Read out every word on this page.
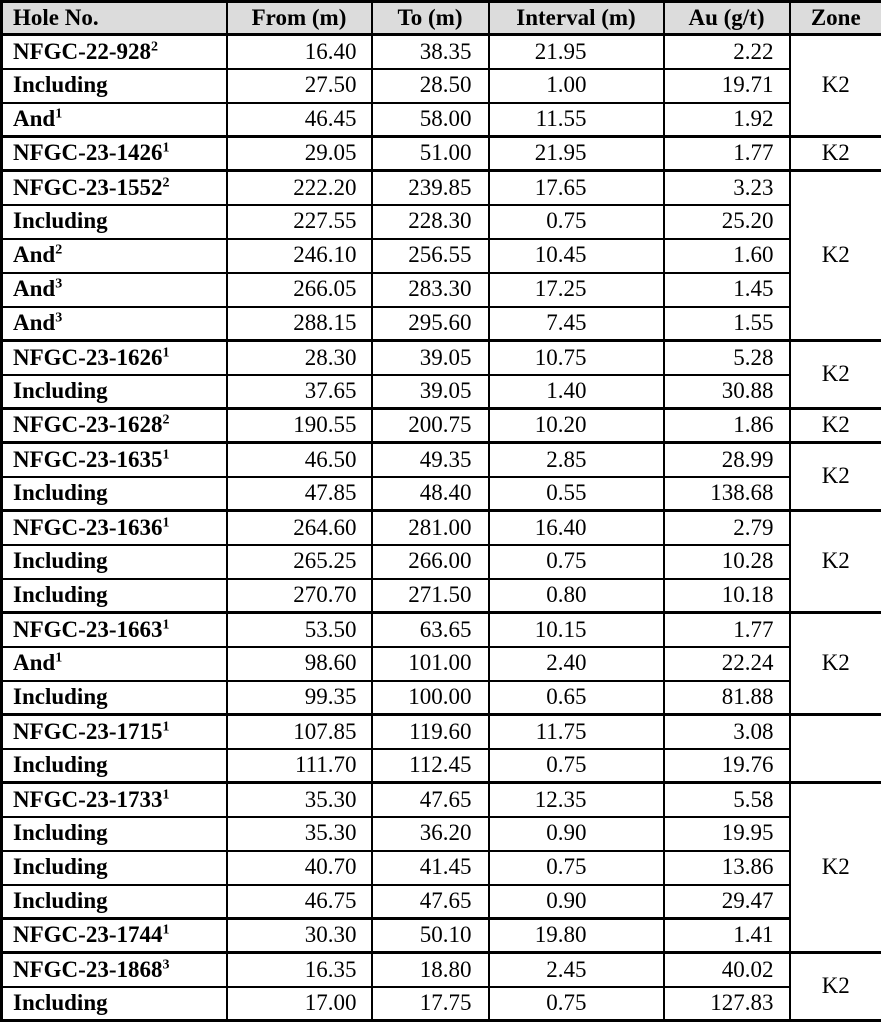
Hole No.	From (m)	To (m)	Interval (m)	Au (g/t)	Zone
NFGC-22-928$^2$	16.40	38.35	21.95	2.22	K2
Including	27.50	28.50	1.00	19.71	
And$^1$	46.45	58.00	11.55	1.92	
NFGC-23-1426$^1$	29.05	51.00	21.95	1.77	K2
NFGC-23-1552$^2$	222.20	239.85	17.65	3.23	K2
Including	227.55	228.30	0.75	25.20	
And$^2$	246.10	256.55	10.45	1.60	
And$^3$	266.05	283.30	17.25	1.45	
And$^3$	288.15	295.60	7.45	1.55	
NFGC-23-1626$^1$	28.30	39.05	10.75	5.28	K2
Including	37.65	39.05	1.40	30.88	
NFGC-23-1628$^2$	190.55	200.75	10.20	1.86	K2
NFGC-23-1635$^1$	46.50	49.35	2.85	28.99	K2
Including	47.85	48.40	0.55	138.68	
NFGC-23-1636$^1$	264.60	281.00	16.40	2.79	K2
Including	265.25	266.00	0.75	10.28	
Including	270.70	271.50	0.80	10.18	
NFGC-23-1663$^1$	53.50	63.65	10.15	1.77	K2
And$^1$	98.60	101.00	2.40	22.24	
Including	99.35	100.00	0.65	81.88	
NFGC-23-1715$^1$	107.85	119.60	11.75	3.08	
Including	111.70	112.45	0.75	19.76	
NFGC-23-1733$^1$	35.30	47.65	12.35	5.58	K2
Including	35.30	36.20	0.90	19.95	
Including	40.70	41.45	0.75	13.86	
Including	46.75	47.65	0.90	29.47	
NFGC-23-1744$^1$	30.30	50.10	19.80	1.41	
NFGC-23-1868$^3$	16.35	18.80	2.45	40.02	K2
Including	17.00	17.75	0.75	127.83	
